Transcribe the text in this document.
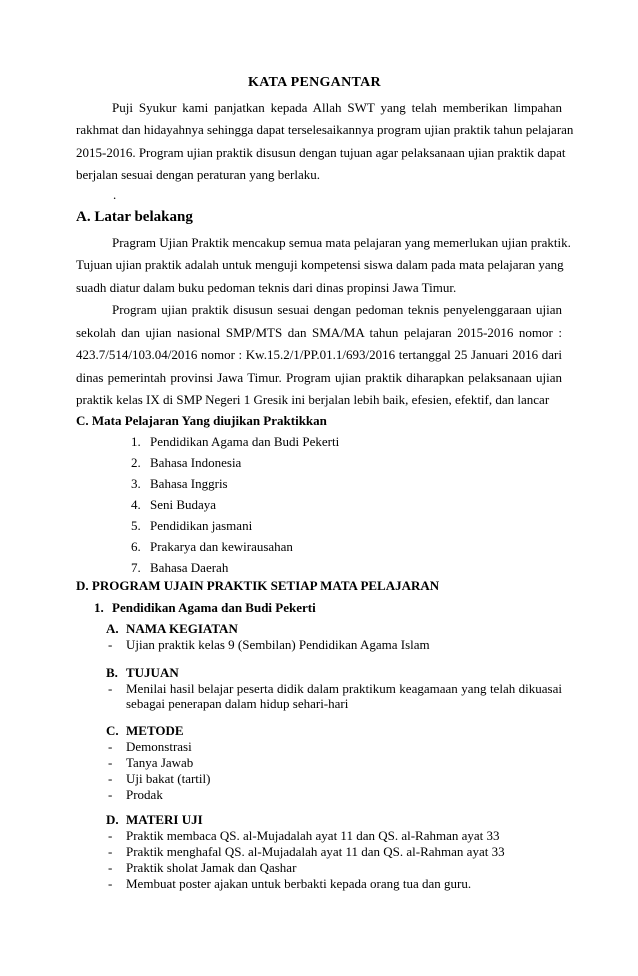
KATA PENGANTAR
Puji Syukur kami panjatkan kepada Allah SWT yang telah memberikan limpahan
rakhmat dan hidayahnya sehingga dapat terselesaikannya program ujian praktik tahun pelajaran
2015-2016. Program ujian praktik disusun dengan tujuan agar pelaksanaan ujian praktik dapat
berjalan sesuai dengan peraturan yang berlaku.
.
A. Latar belakang
Pragram Ujian Praktik mencakup semua mata pelajaran yang memerlukan ujian praktik.
Tujuan ujian praktik adalah untuk menguji kompetensi siswa dalam pada mata pelajaran yang
suadh diatur dalam buku pedoman teknis dari dinas propinsi Jawa Timur.
Program ujian praktik disusun sesuai dengan pedoman teknis penyelenggaraan ujian
sekolah dan ujian nasional SMP/MTS dan SMA/MA tahun pelajaran 2015-2016 nomor :
423.7/514/103.04/2016 nomor : Kw.15.2/1/PP.01.1/693/2016 tertanggal 25 Januari 2016 dari
dinas pemerintah provinsi Jawa Timur. Program ujian praktik diharapkan pelaksanaan ujian
praktik kelas IX di SMP Negeri 1 Gresik ini berjalan lebih baik, efesien, efektif, dan lancar
C. Mata Pelajaran Yang diujikan Praktikkan
1. Pendidikan Agama dan Budi Pekerti
2. Bahasa Indonesia
3. Bahasa Inggris
4. Seni Budaya
5. Pendidikan jasmani
6. Prakarya dan kewirausahan
7. Bahasa Daerah
D. PROGRAM UJAIN PRAKTIK SETIAP MATA PELAJARAN
1. Pendidikan Agama dan Budi Pekerti
A. NAMA KEGIATAN
- Ujian praktik kelas 9 (Sembilan) Pendidikan Agama Islam
B. TUJUAN
- Menilai hasil belajar peserta didik dalam praktikum keagamaan yang telah dikuasai
sebagai penerapan dalam hidup sehari-hari
C. METODE
- Demonstrasi
- Tanya Jawab
- Uji bakat (tartil)
- Prodak
D. MATERI UJI
- Praktik membaca QS. al-Mujadalah ayat 11 dan QS. al-Rahman ayat 33
- Praktik menghafal QS. al-Mujadalah ayat 11 dan QS. al-Rahman ayat 33
- Praktik sholat Jamak dan Qashar
- Membuat poster ajakan untuk berbakti kepada orang tua dan guru.
